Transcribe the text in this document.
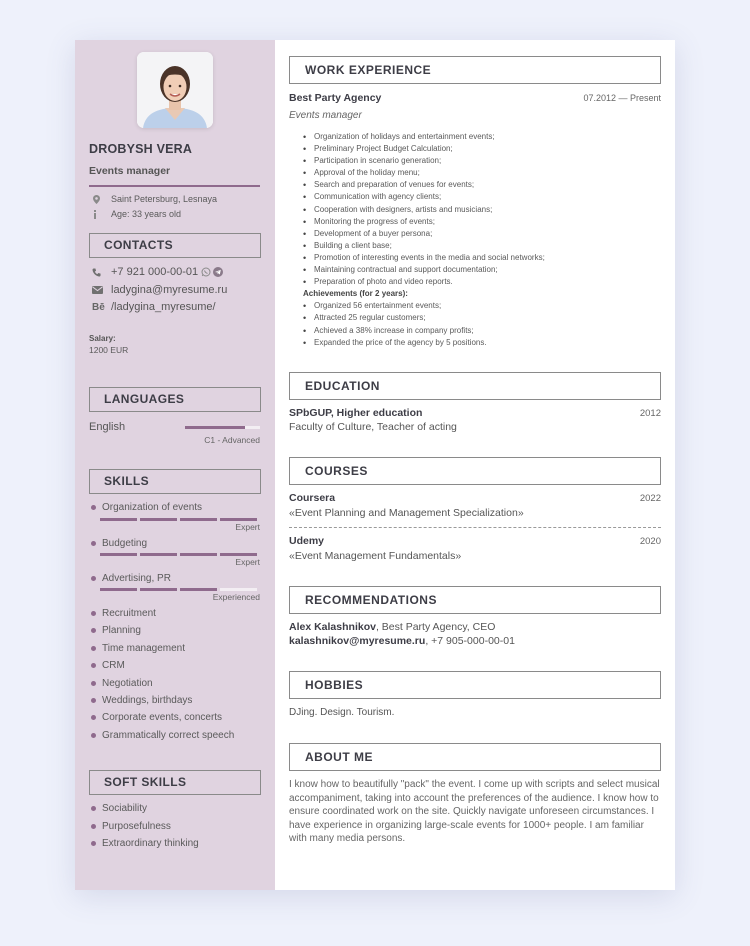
DROBYSH VERA
Events manager
Saint Petersburg, Lesnaya
Age: 33 years old
CONTACTS
+7 921 000-00-01
ladygina@myresume.ru
Bē /ladygina_myresume/
Salary:
1200 EUR
LANGUAGES
English
C1 - Advanced
SKILLS
Organization of events
Expert
Budgeting
Expert
Advertising, PR
Experienced
Recruitment
Planning
Time management
CRM
Negotiation
Weddings, birthdays
Corporate events, concerts
Grammatically correct speech
SOFT SKILLS
Sociability
Purposefulness
Extraordinary thinking
WORK EXPERIENCE
Best Party Agency	07.2012 — Present
Events manager
• Organization of holidays and entertainment events;
• Preliminary Project Budget Calculation;
• Participation in scenario generation;
• Approval of the holiday menu;
• Search and preparation of venues for events;
• Communication with agency clients;
• Cooperation with designers, artists and musicians;
• Monitoring the progress of events;
• Development of a buyer persona;
• Building a client base;
• Promotion of interesting events in the media and social networks;
• Maintaining contractual and support documentation;
• Preparation of photo and video reports.
Achievements (for 2 years):
• Organized 56 entertainment events;
• Attracted 25 regular customers;
• Achieved a 38% increase in company profits;
• Expanded the price of the agency by 5 positions.
EDUCATION
SPbGUP, Higher education	2012
Faculty of Culture, Teacher of acting
COURSES
Coursera	2022
«Event Planning and Management Specialization»
Udemy	2020
«Event Management Fundamentals»
RECOMMENDATIONS
Alex Kalashnikov, Best Party Agency, CEO
kalashnikov@myresume.ru, +7 905-000-00-01
HOBBIES
DJing. Design. Tourism.
ABOUT ME
I know how to beautifully "pack" the event. I come up with scripts and select musical accompaniment, taking into account the preferences of the audience. I know how to ensure coordinated work on the site. Quickly navigate unforeseen circumstances. I have experience in organizing large-scale events for 1000+ people. I am familiar with many media persons.
